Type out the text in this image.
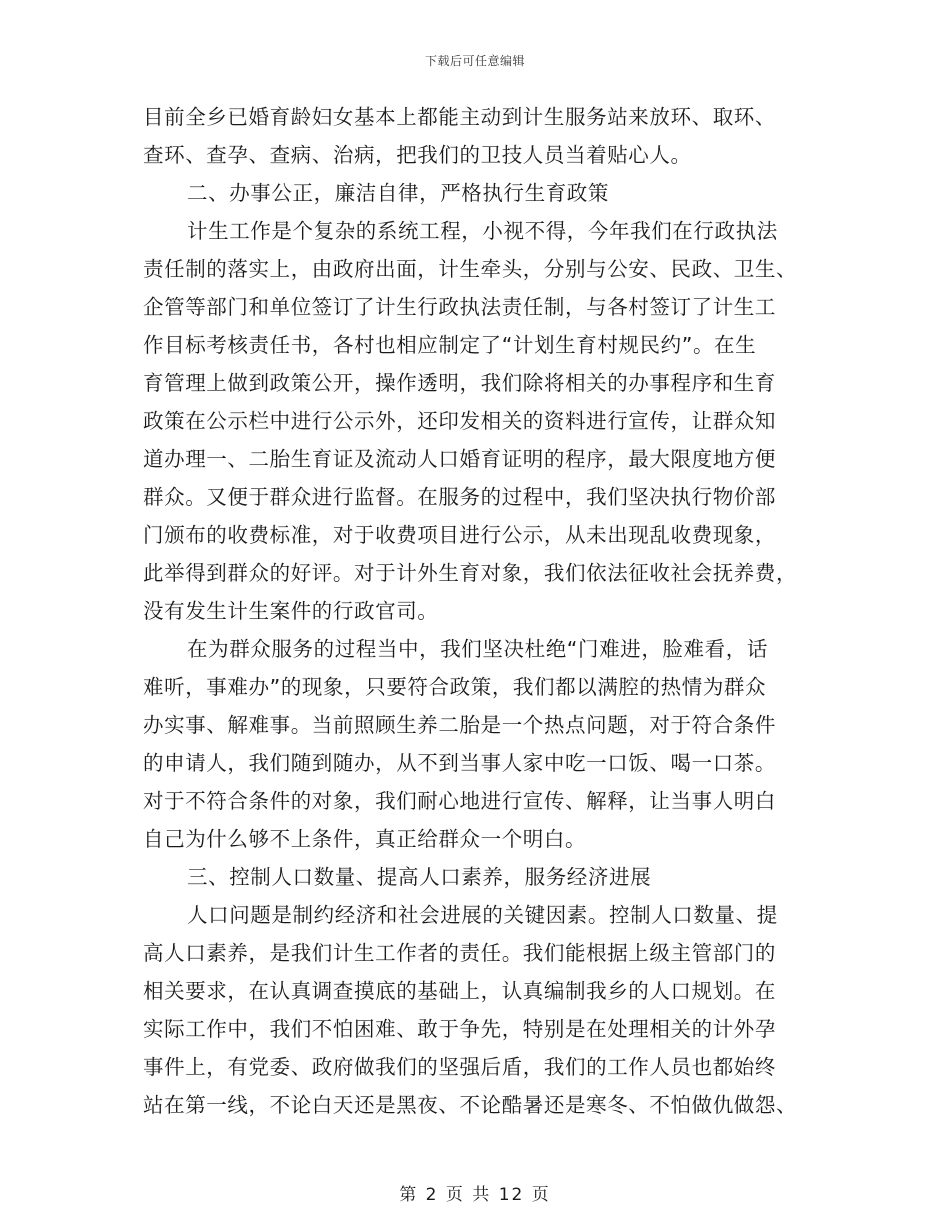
下载后可任意编辑
目前全乡已婚育龄妇女基本上都能主动到计生服务站来放环、取环、
查环、查孕、查病、治病，把我们的卫技人员当着贴心人。
二、办事公正，廉洁自律，严格执行生育政策
计生工作是个复杂的系统工程，小视不得，今年我们在行政执法
责任制的落实上，由政府出面，计生牵头，分别与公安、民政、卫生、
企管等部门和单位签订了计生行政执法责任制，与各村签订了计生工
作目标考核责任书，各村也相应制定了“计划生育村规民约”。在生
育管理上做到政策公开，操作透明，我们除将相关的办事程序和生育
政策在公示栏中进行公示外，还印发相关的资料进行宣传，让群众知
道办理一、二胎生育证及流动人口婚育证明的程序，最大限度地方便
群众。又便于群众进行监督。在服务的过程中，我们坚决执行物价部
门颁布的收费标准，对于收费项目进行公示，从未出现乱收费现象，
此举得到群众的好评。对于计外生育对象，我们依法征收社会抚养费，
没有发生计生案件的行政官司。
在为群众服务的过程当中，我们坚决杜绝“门难进，脸难看，话
难听，事难办”的现象，只要符合政策，我们都以满腔的热情为群众
办实事、解难事。当前照顾生养二胎是一个热点问题，对于符合条件
的申请人，我们随到随办，从不到当事人家中吃一口饭、喝一口茶。
对于不符合条件的对象，我们耐心地进行宣传、解释，让当事人明白
自己为什么够不上条件，真正给群众一个明白。
三、控制人口数量、提高人口素养，服务经济进展
人口问题是制约经济和社会进展的关键因素。控制人口数量、提
高人口素养，是我们计生工作者的责任。我们能根据上级主管部门的
相关要求，在认真调查摸底的基础上，认真编制我乡的人口规划。在
实际工作中，我们不怕困难、敢于争先，特别是在处理相关的计外孕
事件上，有党委、政府做我们的坚强后盾，我们的工作人员也都始终
站在第一线，不论白天还是黑夜、不论酷暑还是寒冬、不怕做仇做怨、
第 2 页 共 12 页
